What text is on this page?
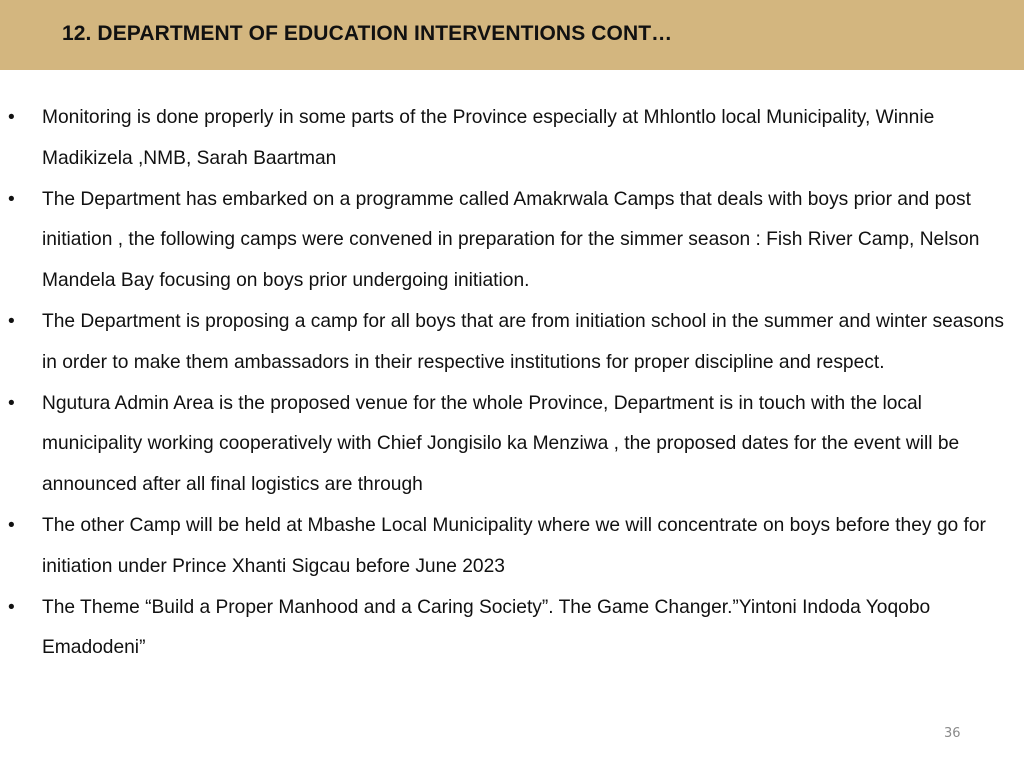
12. DEPARTMENT OF EDUCATION INTERVENTIONS CONT…
•	Monitoring is done properly in some parts of the Province especially at Mhlontlo local Municipality, Winnie Madikizela ,NMB, Sarah Baartman
•	The Department has embarked on a programme called Amakrwala Camps that deals with boys prior and post initiation , the following camps were convened in preparation for the simmer season : Fish River Camp, Nelson Mandela Bay focusing on boys prior undergoing initiation.
•	The Department is proposing a camp for all boys that are from initiation school in the summer and winter seasons in order to make them ambassadors in their respective institutions for proper discipline and respect.
•	Ngutura Admin Area is the proposed venue for the whole Province, Department is in touch with the local municipality working cooperatively with Chief Jongisilo ka Menziwa , the proposed dates for the event will be announced after all final logistics are through
•	The other Camp will be held at Mbashe Local Municipality where we will concentrate on boys before they go for initiation under Prince Xhanti Sigcau before June 2023
•	The Theme “Build a Proper Manhood and a Caring Society”. The Game Changer.”Yintoni Indoda Yoqobo Emadodeni”
36
